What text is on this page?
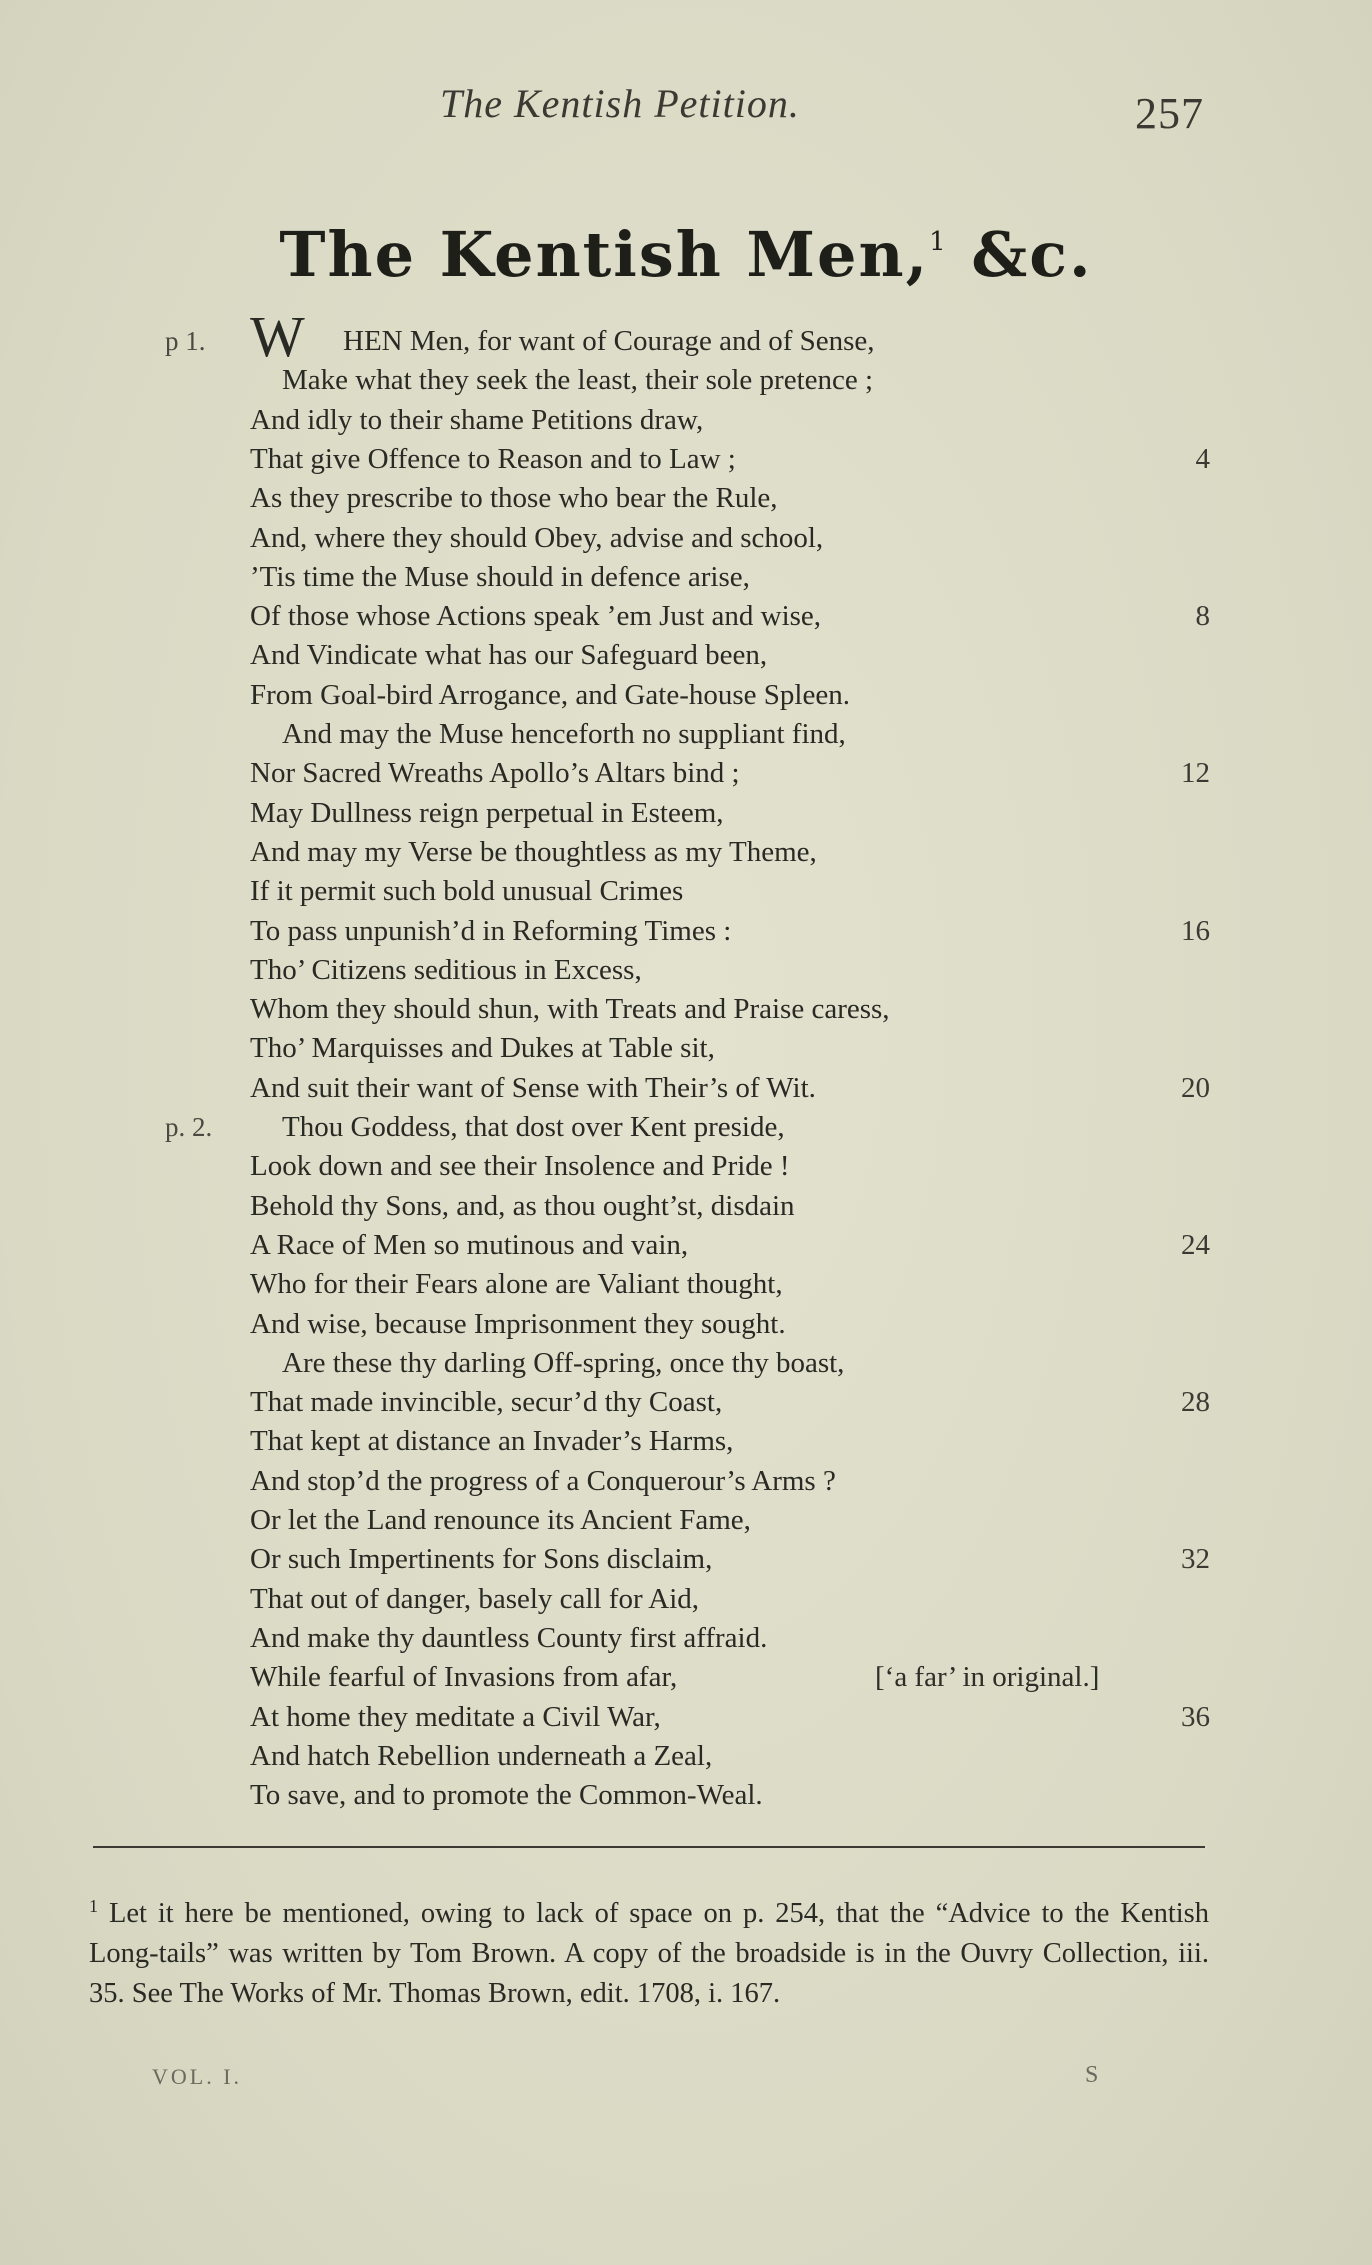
The Kentish Petition.	257
The Kentish Men,$^1$ &c.
p 1. W HEN Men, for want of Courage and of Sense,
Make what they seek the least, their sole pretence ;
And idly to their shame Petitions draw,
That give Offence to Reason and to Law ;	4
As they prescribe to those who bear the Rule,
And, where they should Obey, advise and school,
’Tis time the Muse should in defence arise,
Of those whose Actions speak ’em Just and wise,	8
And Vindicate what has our Safeguard been,
From Goal-bird Arrogance, and Gate-house Spleen.
And may the Muse henceforth no suppliant find,
Nor Sacred Wreaths Apollo’s Altars bind ;	12
May Dullness reign perpetual in Esteem,
And may my Verse be thoughtless as my Theme,
If it permit such bold unusual Crimes
To pass unpunish’d in Reforming Times :	16
Tho’ Citizens seditious in Excess,
Whom they should shun, with Treats and Praise caress,
Tho’ Marquisses and Dukes at Table sit,
And suit their want of Sense with Their’s of Wit.	20
p. 2. Thou Goddess, that dost over Kent preside,
Look down and see their Insolence and Pride !
Behold thy Sons, and, as thou ought’st, disdain
A Race of Men so mutinous and vain,	24
Who for their Fears alone are Valiant thought,
And wise, because Imprisonment they sought.
Are these thy darling Off-spring, once thy boast,
That made invincible, secur’d thy Coast,	28
That kept at distance an Invader’s Harms,
And stop’d the progress of a Conquerour’s Arms ?
Or let the Land renounce its Ancient Fame,
Or such Impertinents for Sons disclaim,	32
That out of danger, basely call for Aid,
And make thy dauntless County first affraid.
While fearful of Invasions from afar,	[‘a far’ in original.]
At home they meditate a Civil War,	36
And hatch Rebellion underneath a Zeal,
To save, and to promote the Common-Weal.
$^1$ Let it here be mentioned, owing to lack of space on p. 254, that the “Advice to the Kentish Long-tails” was written by Tom Brown. A copy of the broadside is in the Ouvry Collection, iii. 35. See The Works of Mr. Thomas Brown, edit. 1708, i. 167.
VOL. I.	S
